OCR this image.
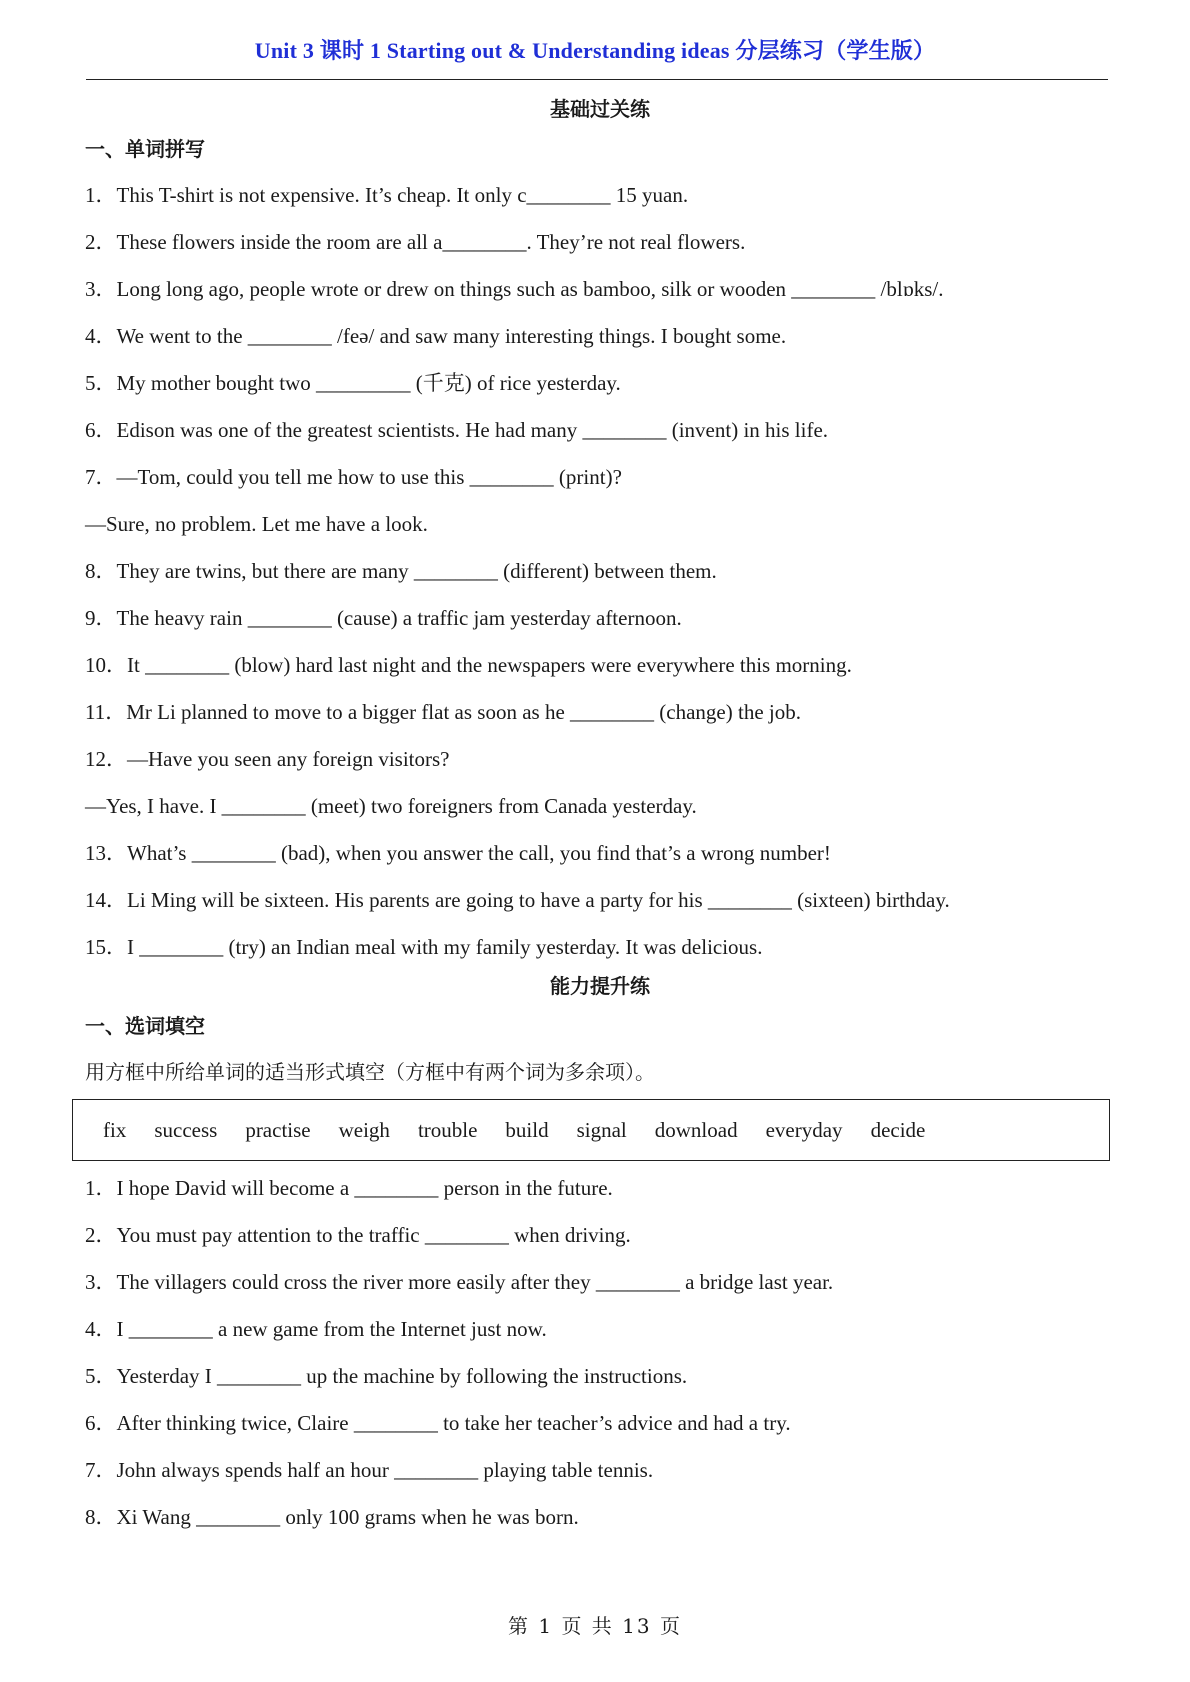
Unit 3 课时 1 Starting out & Understanding ideas 分层练习（学生版）
基础过关练
一、单词拼写
1．This T-shirt is not expensive. It’s cheap. It only c________ 15 yuan.
2．These flowers inside the room are all a________. They’re not real flowers.
3．Long long ago, people wrote or drew on things such as bamboo, silk or wooden ________ /blɒks/.
4．We went to the ________ /feə/ and saw many interesting things. I bought some.
5．My mother bought two _________ (千克) of rice yesterday.
6．Edison was one of the greatest scientists. He had many ________ (invent) in his life.
7．—Tom, could you tell me how to use this ________ (print)?
—Sure, no problem. Let me have a look.
8．They are twins, but there are many ________ (different) between them.
9．The heavy rain ________ (cause) a traffic jam yesterday afternoon.
10．It ________ (blow) hard last night and the newspapers were everywhere this morning.
11．Mr Li planned to move to a bigger flat as soon as he ________ (change) the job.
12．—Have you seen any foreign visitors?
—Yes, I have. I ________ (meet) two foreigners from Canada yesterday.
13．What’s ________ (bad), when you answer the call, you find that’s a wrong number!
14．Li Ming will be sixteen. His parents are going to have a party for his ________ (sixteen) birthday.
15．I ________ (try) an Indian meal with my family yesterday. It was delicious.
能力提升练
一、选词填空
用方框中所给单词的适当形式填空（方框中有两个词为多余项）。
fix success practise weigh trouble build signal download everyday decide
1．I hope David will become a ________ person in the future.
2．You must pay attention to the traffic ________ when driving.
3．The villagers could cross the river more easily after they ________ a bridge last year.
4．I ________ a new game from the Internet just now.
5．Yesterday I ________ up the machine by following the instructions.
6．After thinking twice, Claire ________ to take her teacher’s advice and had a try.
7．John always spends half an hour ________ playing table tennis.
8．Xi Wang ________ only 100 grams when he was born.
第 1 页 共 13 页
